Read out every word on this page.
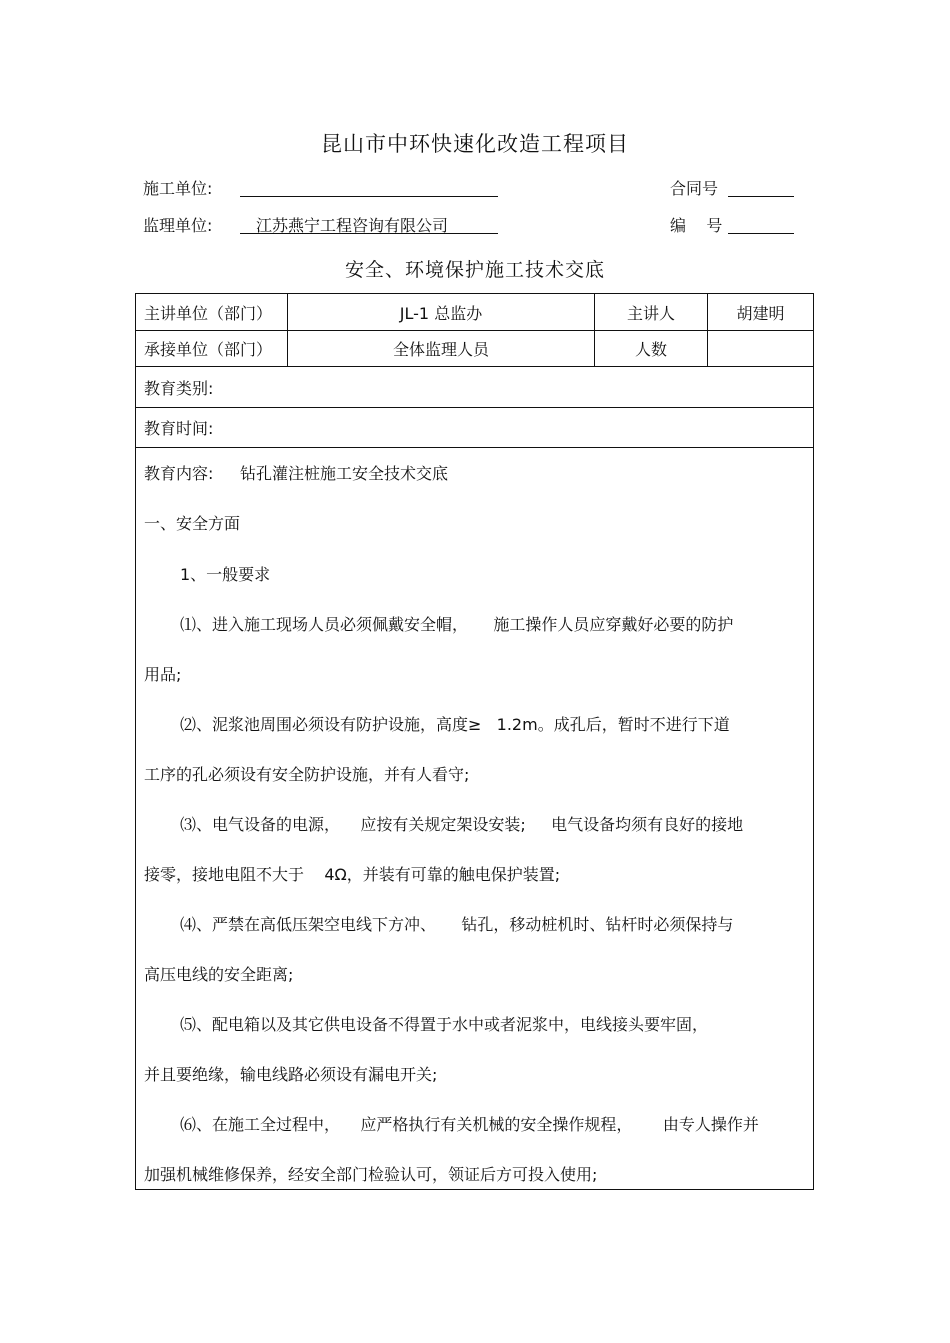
昆山市中环快速化改造工程项目
施工单位:	合同号
监理单位:	江苏燕宁工程咨询有限公司	编    号
安全、环境保护施工技术交底
主讲单位（部门）	JL-1 总监办	主讲人	胡建明
承接单位（部门）	全体监理人员	人数
教育类别:
教育时间:
教育内容: 钻孔灌注桩施工安全技术交底
一、安全方面
1、一般要求
⑴、进入施工现场人员必须佩戴安全帽，     施工操作人员应穿戴好必要的防护
用品;
⑵、泥浆池周围必须设有防护设施，高度≥   1.2m。成孔后，暂时不进行下道
工序的孔必须设有安全防护设施，并有人看守;
⑶、电气设备的电源，    应按有关规定架设安装;     电气设备均须有良好的接地
接零，接地电阻不大于    4Ω，并装有可靠的触电保护装置;
⑷、严禁在高低压架空电线下方冲、     钻孔，移动桩机时、钻杆时必须保持与
高压电线的安全距离;
⑸、配电箱以及其它供电设备不得置于水中或者泥浆中，电线接头要牢固，
并且要绝缘，输电线路必须设有漏电开关;
⑹、在施工全过程中，    应严格执行有关机械的安全操作规程，      由专人操作并
加强机械维修保养，经安全部门检验认可，领证后方可投入使用;
